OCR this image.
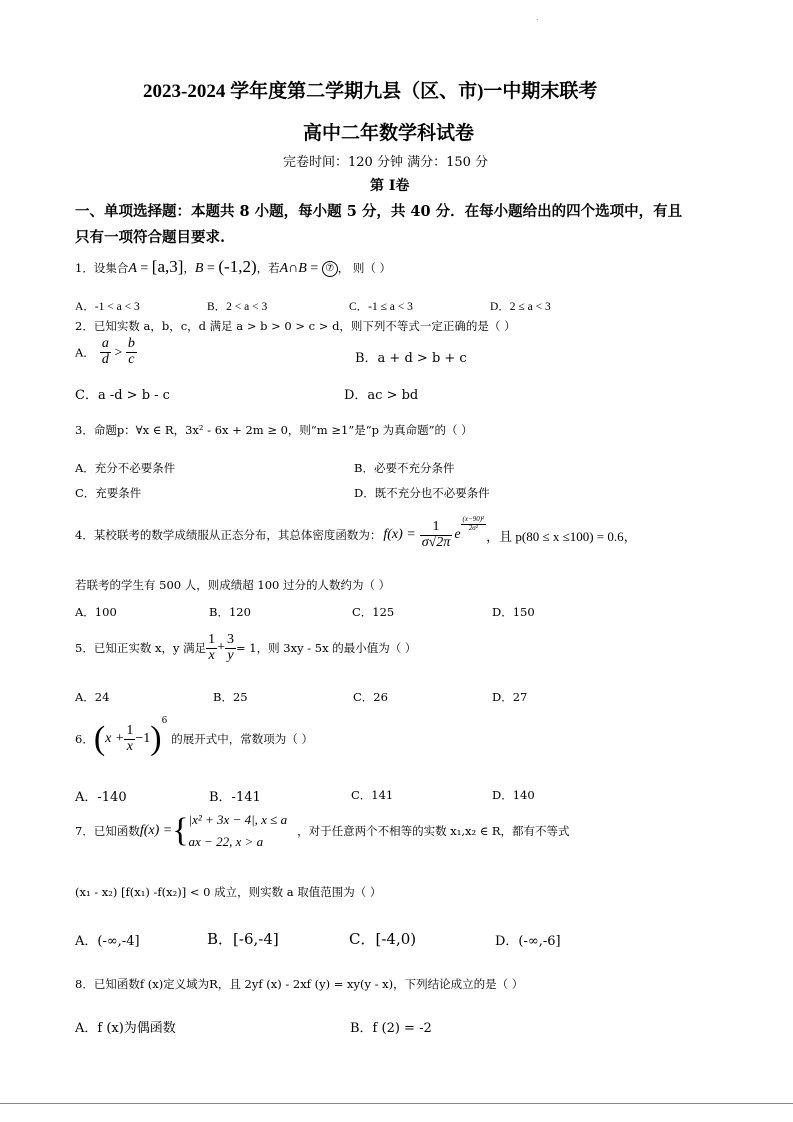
.
2023-2024 学年度第二学期九县（区、市)一中期末联考
高中二年数学科试卷
完卷时间：120 分钟 满分：150 分
第 Ⅰ卷
一、单项选择题：本题共 8 小题，每小题 5 分，共 40 分．在每小题给出的四个选项中，有且
只有一项符合题目要求.
1．设集合A = [a,3]，B = (-1,2)，若A∩B = ⑦ ， 则（ ）
A．-1 < a < 3	B．2 < a < 3	C．-1 ≤ a < 3	D．2 ≤ a < 3
2．已知实数 a，b，c，d 满足 a > b > 0 > c > d，则下列不等式一定正确的是（ ）
A． $\frac{a}{d} > \frac{b}{c}$	B．a + d > b + c
C．a -d > b - c	D．ac > bd
3．命题p：∀x ∈ R，3x² - 6x + 2m ≥ 0，则“m ≥1”是“p 为真命题”的（ ）
A．充分不必要条件	B．必要不充分条件
C．充要条件	D．既不充分也不必要条件
4．某校联考的数学成绩服从正态分布，其总体密度函数为： $f(x) = \frac{1}{\sigma√2\pi}$ e
$\frac{\text{(x−90)²}}{\text{2σ²}}$
，且 p(80 ≤ x ≤100) = 0.6，
若联考的学生有 500 人，则成绩超 100 过分的人数约为（ ）
A．100	B．120	C．125	D．150
5．已知正实数 x，y 满足 $\frac{1}{x} + \frac{3}{y} = 1$，则 3xy - 5x 的最小值为（ ）
A．24	B．25	C．26	D．27
6． ( $x + \frac{1}{x} -1$ ) 6
的展开式中，常数项为（ ）
A．-140	B．-141	C．141	D．140
7．已知函数 f(x) = { |x² + 3x − 4|, x ≤ a
ax − 22, x > a
，对于任意两个不相等的实数 x₁,x₂ ∈ R，都有不等式
(x₁ - x₂) [f(x₁) -f(x₂)] < 0 成立，则实数 a 取值范围为（ ）
A．(-∞,-4]	B．[-6,-4]	C．[-4,0)	D．(-∞,-6]
8．已知函数f (x)定义域为R，且 2yf (x) - 2xf (y) = xy(y - x)，下列结论成立的是（ ）
A．f (x)为偶函数	B．f (2) = -2
